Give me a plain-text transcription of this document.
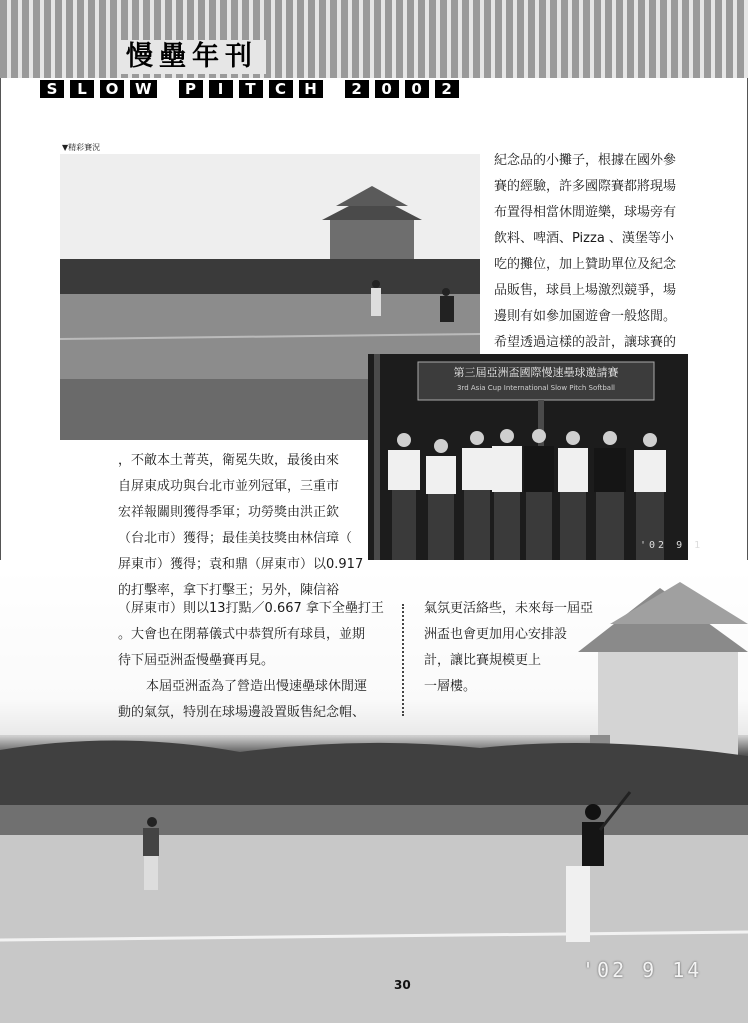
慢壘年刊
S	L	O	W	P	I	T	C	H	2	0	0	2
▼精彩賽況
第三屆亞洲盃國際慢速壘球邀請賽
3rd Asia Cup International Slow Pitch Softball
'02 9 1

紀念品的小攤子，根據在國外參

賽的經驗，許多國際賽都將現場

布置得相當休閒遊樂，球場旁有

飲料、啤酒、Pizza 、漢堡等小

吃的攤位，加上贊助單位及紀念

品販售，球員上場激烈競爭，場

邊則有如參加園遊會一般悠閒。

希望透過這樣的設計，讓球賽的

，不敵本土菁英，衛冕失敗，最後由來

自屏東成功與台北市並列冠軍，三重市

宏祥報關則獲得季軍；功勞獎由洪正欽

（台北市）獲得；最佳美技獎由林信璋（

屏東市）獲得；袁和鼎（屏東市）以0.917

的打擊率，拿下打擊王；另外，陳信裕

（屏東市）則以13打點／0.667 拿下全壘打王

。大會也在閉幕儀式中恭賀所有球員，並期

待下屆亞洲盃慢壘賽再見。

本屆亞洲盃為了營造出慢速壘球休閒運

動的氣氛，特別在球場邊設置販售紀念帽、

氣氛更活絡些，未來每一屆亞

洲盃也會更加用心安排設

計，讓比賽規模更上

一層樓。

'02 9 14
30
